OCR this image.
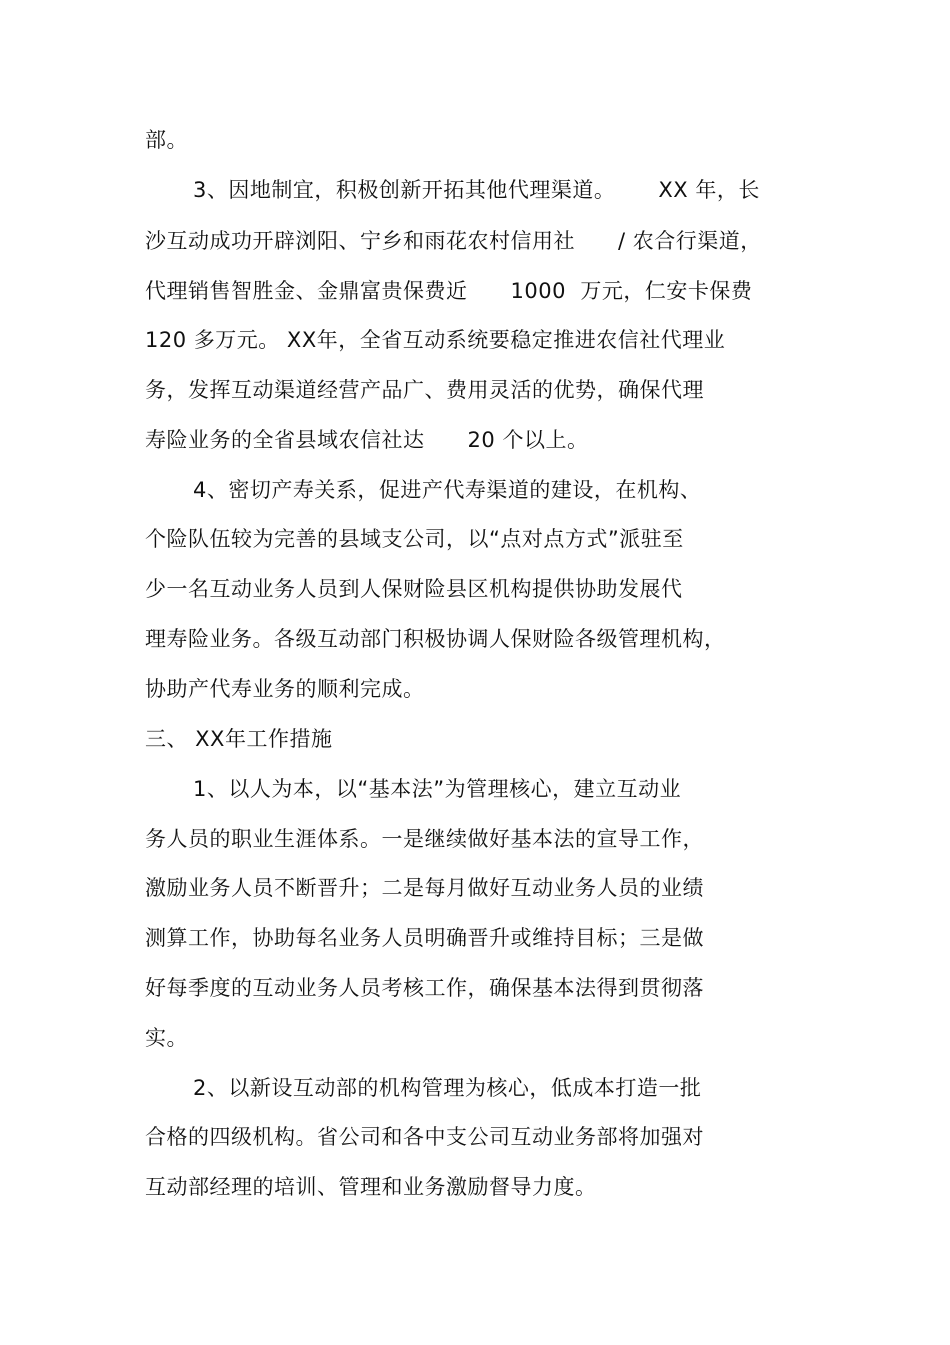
部。
3、因地制宜，积极创新开拓其他代理渠道。      XX 年，长
沙互动成功开辟浏阳、宁乡和雨花农村信用社      / 农合行渠道，
代理销售智胜金、金鼎富贵保费近      1000  万元，仁安卡保费
120 多万元。 XX年，全省互动系统要稳定推进农信社代理业
务，发挥互动渠道经营产品广、费用灵活的优势，确保代理
寿险业务的全省县域农信社达      20 个以上。
4、密切产寿关系，促进产代寿渠道的建设，在机构、
个险队伍较为完善的县域支公司，以“点对点方式”派驻至
少一名互动业务人员到人保财险县区机构提供协助发展代
理寿险业务。各级互动部门积极协调人保财险各级管理机构，
协助产代寿业务的顺利完成。
三、 XX年工作措施
1、以人为本，以“基本法”为管理核心，建立互动业
务人员的职业生涯体系。一是继续做好基本法的宣导工作，
激励业务人员不断晋升；二是每月做好互动业务人员的业绩
测算工作，协助每名业务人员明确晋升或维持目标；三是做
好每季度的互动业务人员考核工作，确保基本法得到贯彻落
实。
2、以新设互动部的机构管理为核心，低成本打造一批
合格的四级机构。省公司和各中支公司互动业务部将加强对
互动部经理的培训、管理和业务激励督导力度。
